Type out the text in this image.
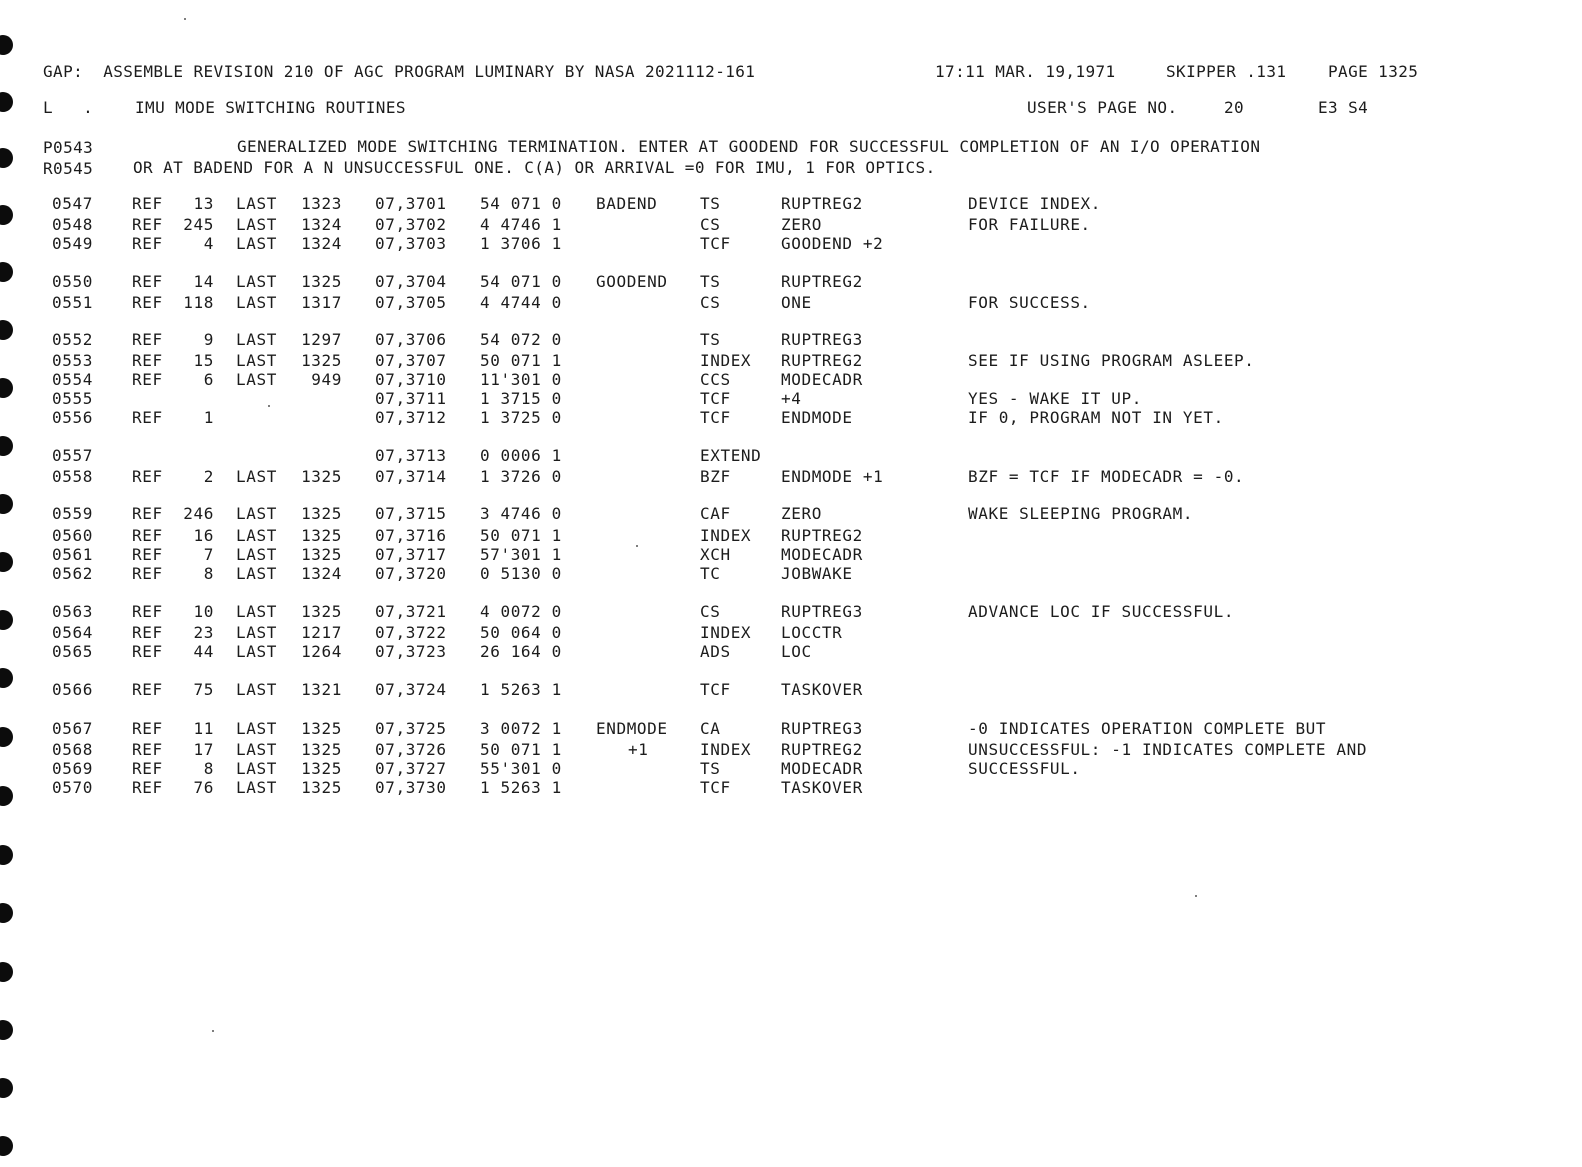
GAP:  ASSEMBLE REVISION 210 OF AGC PROGRAM LUMINARY BY NASA 2021112-161	17:11 MAR. 19,1971	SKIPPER .131	PAGE 1325
L   .	IMU MODE SWITCHING ROUTINES	USER'S PAGE NO.	20	E3 S4
P0543	GENERALIZED MODE SWITCHING TERMINATION. ENTER AT GOODEND FOR SUCCESSFUL COMPLETION OF AN I/O OPERATION
R0545 OR AT BADEND FOR A N UNSUCCESSFUL ONE. C(A) OR ARRIVAL =0 FOR IMU, 1 FOR OPTICS.
0547	REF	13 LAST	1323 07,3701	54 071 0	BADEND	TS	RUPTREG2	DEVICE INDEX.
0548	REF	245 LAST	1324 07,3702	4 4746 1	CS	ZERO	FOR FAILURE.
0549	REF	4 LAST	1324 07,3703	1 3706 1	TCF	GOODEND +2
0550	REF	14 LAST	1325 07,3704	54 071 0	GOODEND	TS	RUPTREG2
0551	REF	118 LAST	1317 07,3705	4 4744 0	CS	ONE	FOR SUCCESS.
0552	REF	9 LAST	1297 07,3706	54 072 0	TS	RUPTREG3
0553	REF	15 LAST	1325 07,3707	50 071 1	INDEX	RUPTREG2	SEE IF USING PROGRAM ASLEEP.
0554	REF	6 LAST	949 07,3710	11'301 0	CCS	MODECADR
0555	07,3711	1 3715 0	TCF	+4	YES - WAKE IT UP.
0556	REF	1	07,3712	1 3725 0	TCF	ENDMODE	IF 0, PROGRAM NOT IN YET.
0557	07,3713	0 0006 1	EXTEND
0558	REF	2 LAST	1325 07,3714	1 3726 0	BZF	ENDMODE +1	BZF = TCF IF MODECADR = -0.
0559	REF	246 LAST	1325 07,3715	3 4746 0	CAF	ZERO	WAKE SLEEPING PROGRAM.
0560	REF	16 LAST	1325 07,3716	50 071 1	INDEX	RUPTREG2
0561	REF	7 LAST	1325 07,3717	57'301 1	XCH	MODECADR
0562	REF	8 LAST	1324 07,3720	0 5130 0	TC	JOBWAKE
0563	REF	10 LAST	1325 07,3721	4 0072 0	CS	RUPTREG3	ADVANCE LOC IF SUCCESSFUL.
0564	REF	23 LAST	1217 07,3722	50 064 0	INDEX	LOCCTR
0565	REF	44 LAST	1264 07,3723	26 164 0	ADS	LOC
0566	REF	75 LAST	1321 07,3724	1 5263 1	TCF	TASKOVER
0567	REF	11 LAST	1325 07,3725	3 0072 1	ENDMODE	CA	RUPTREG3	-0 INDICATES OPERATION COMPLETE BUT
0568	REF	17 LAST	1325 07,3726	50 071 1	+1	INDEX	RUPTREG2	UNSUCCESSFUL: -1 INDICATES COMPLETE AND
0569	REF	8 LAST	1325 07,3727	55'301 0	TS	MODECADR	SUCCESSFUL.
0570	REF	76 LAST	1325 07,3730	1 5263 1	TCF	TASKOVER
